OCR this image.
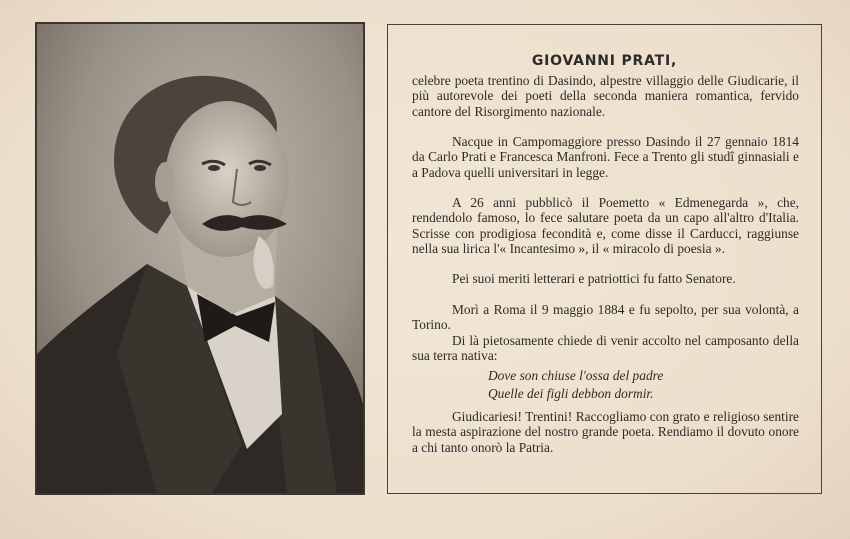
GIOVANNI PRATI,

celebre poeta trentino di Dasindo, alpestre villaggio delle Giudicarie, il più autorevole dei poeti della seconda maniera romantica, fervido cantore del Risorgimento nazionale.

Nacque in Campomaggiore presso Dasindo il 27 gennaio 1814 da Carlo Prati e Francesca Manfroni. Fece a Trento gli studî ginnasiali e a Padova quelli universitari in legge.

A 26 anni pubblicò il Poemetto « Edmenegarda », che, rendendolo famoso, lo fece salutare poeta da un capo all'altro d'Italia. Scrisse con prodigiosa fecondità e, come disse il Carducci, raggiunse nella sua lirica l'« Incantesimo », il « miracolo di poesia ».

Pei suoi meriti letterari e patriottici fu fatto Senatore.

Morì a Roma il 9 maggio 1884 e fu sepolto, per sua volontà, a Torino.

Di là pietosamente chiede di venir accolto nel camposanto della sua terra nativa:

Dove son chiuse l'ossa del padre

Quelle dei figli debbon dormir.

Giudicariesi! Trentini! Raccogliamo con grato e religioso sentire la mesta aspirazione del nostro grande poeta. Rendiamo il dovuto onore a chi tanto onorò la Patria.
